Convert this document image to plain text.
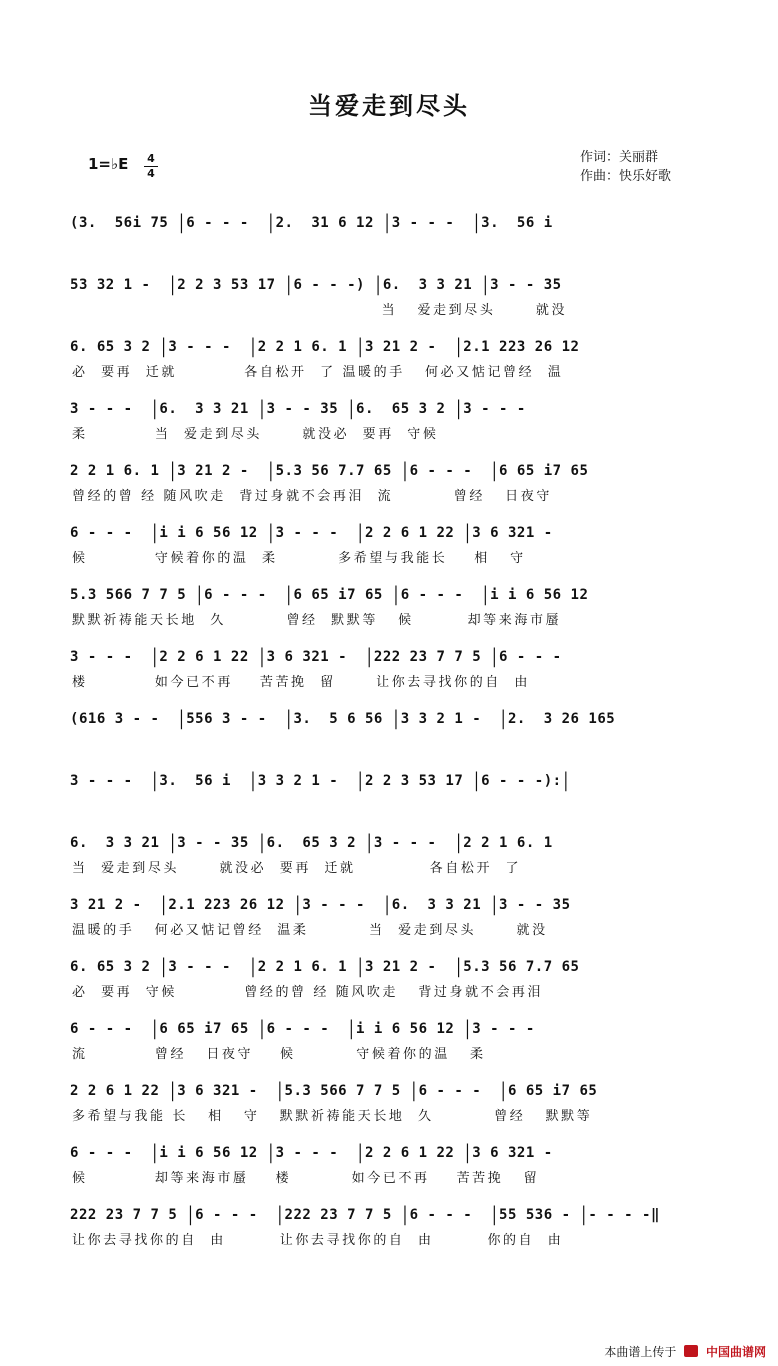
当爱走到尽头
1=♭E 4
4
作词：关丽群
作曲：快乐好歌
(3. 56i 75 |6 - - - |2. 31 6 12 |3 - - - |3. 56 i
53 32 1 - |2 2 3 53 17 |6 - - -) |6. 3 3 21 |3 - - 35
当   爱走到尽头      就没
6. 65 3 2 |3 - - - |2 2 1 6. 1 |3 21 2 - |2.1 223 26 12
必  要再  迁就          各自松开  了 温暖的手   何必又惦记曾经  温
3 - - - |6. 3 3 21 |3 - - 35 |6. 65 3 2 |3 - - -
柔          当  爱走到尽头      就没必  要再  守候
2 2 1 6. 1 |3 21 2 - |5.3 56 7.7 65 |6 - - - |6 65 i7 65
曾经的曾 经 随风吹走  背过身就不会再泪  流         曾经   日夜守
6 - - - |i i 6 56 12 |3 - - - |2 2 6 1 22 |3 6 321 -
候          守候着你的温  柔         多希望与我能长    相   守
5.3 566 7 7 5 |6 - - - |6 65 i7 65 |6 - - - |i i 6 56 12
默默祈祷能天长地  久         曾经  默默等   候        却等来海市蜃
3 - - - |2 2 6 1 22 |3 6 321 - |222 23 7 7 5 |6 - - -
楼          如今已不再    苦苦挽  留      让你去寻找你的自  由
(616 3 - - |556 3 - - |3. 5 6 56 |3 3 2 1 - |2. 3 26 165
3 - - - |3. 56 i |3 3 2 1 - |2 2 3 53 17 |6 - - -):|
6. 3 3 21 |3 - - 35 |6. 65 3 2 |3 - - - |2 2 1 6. 1
当  爱走到尽头      就没必  要再  迁就           各自松开  了
3 21 2 - |2.1 223 26 12 |3 - - - |6. 3 3 21 |3 - - 35
温暖的手   何必又惦记曾经  温柔         当  爱走到尽头      就没
6. 65 3 2 |3 - - - |2 2 1 6. 1 |3 21 2 - |5.3 56 7.7 65
必  要再  守候          曾经的曾 经 随风吹走   背过身就不会再泪
6 - - - |6 65 i7 65 |6 - - - |i i 6 56 12 |3 - - -
流          曾经   日夜守    候         守候着你的温   柔
2 2 6 1 22 |3 6 321 - |5.3 566 7 7 5 |6 - - - |6 65 i7 65
多希望与我能 长   相   守   默默祈祷能天长地  久         曾经   默默等
6 - - - |i i 6 56 12 |3 - - - |2 2 6 1 22 |3 6 321 -
候          却等来海市蜃    楼         如今已不再    苦苦挽   留
222 23 7 7 5 |6 - - - |222 23 7 7 5 |6 - - - |55 536 - |- - - -‖
让你去寻找你的自  由        让你去寻找你的自  由        你的自  由
本曲谱上传于 中国曲谱网
